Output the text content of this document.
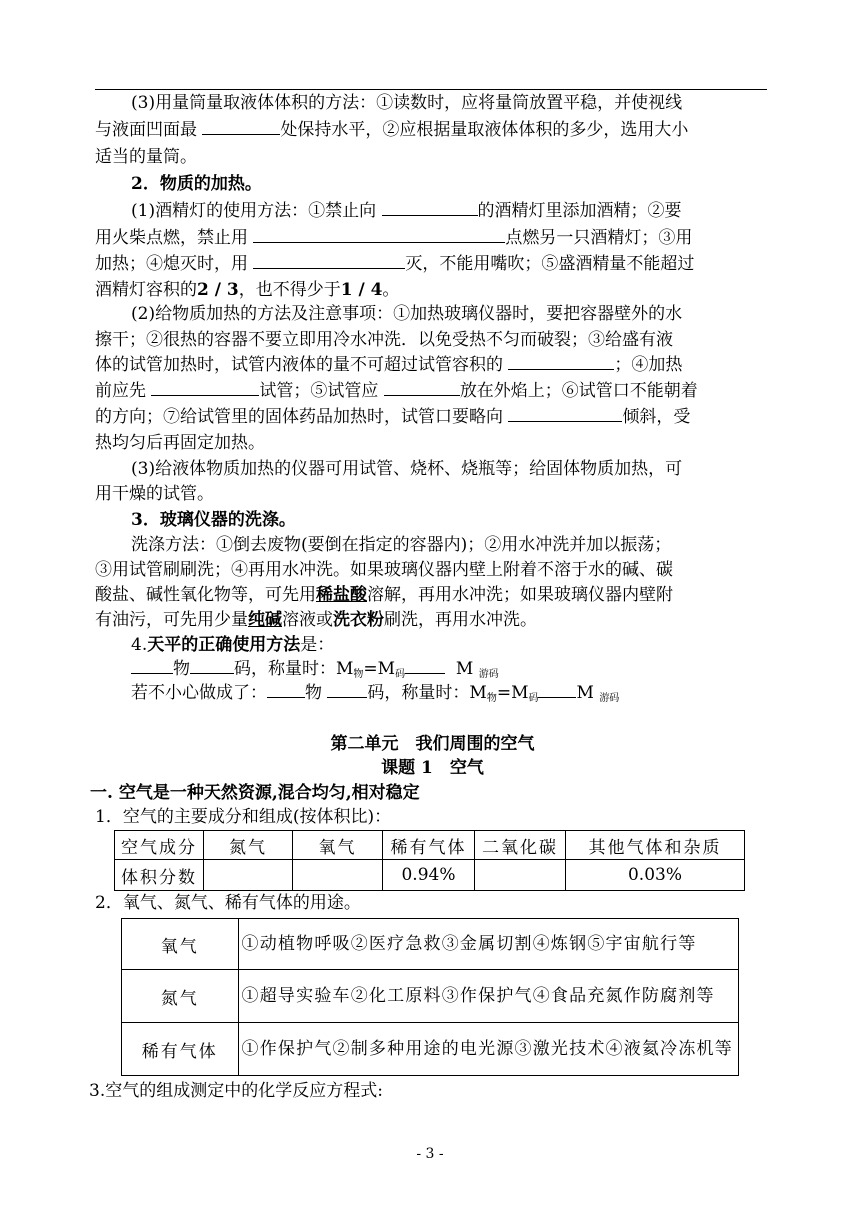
(3)用量筒量取液体体积的方法：①读数时，应将量筒放置平稳，并使视线
与液面凹面最	处保持水平，②应根据量取液体体积的多少，选用大小
适当的量筒。
2．物质的加热。
(1)酒精灯的使用方法：①禁止向	的酒精灯里添加酒精；②要
用火柴点燃，禁止用	点燃另一只酒精灯；③用
加热；④熄灭时，用	灭，不能用嘴吹；⑤盛酒精量不能超过
酒精灯容积的2 / 3，也不得少于1 / 4。
(2)给物质加热的方法及注意事项：①加热玻璃仪器时，要把容器壁外的水
擦干；②很热的容器不要立即用冷水冲洗．以免受热不匀而破裂；③给盛有液
体的试管加热时，试管内液体的量不可超过试管容积的	；④加热
前应先	试管；⑤试管应	放在外焰上；⑥试管口不能朝着
的方向；⑦给试管里的固体药品加热时，试管口要略向	倾斜，受
热均匀后再固定加热。
(3)给液体物质加热的仪器可用试管、烧杯、烧瓶等；给固体物质加热，可
用干燥的试管。
3．玻璃仪器的洗涤。
洗涤方法：①倒去废物(要倒在指定的容器内)；②用水冲洗并加以振荡；
③用试管刷刷洗；④再用水冲洗。如果玻璃仪器内壁上附着不溶于水的碱、碳
酸盐、碱性氧化物等，可先用稀盐酸溶解，再用水冲洗；如果玻璃仪器内壁附
有油污，可先用少量纯碱溶液或洗衣粉刷洗，再用水冲洗。
4.天平的正确使用方法是：
物	码，称量时：$M_物=M_码$	M $_{游码}$
若不小心做成了： 物	码，称量时：$M_物=M_码$ M $_{游码}$
第二单元　我们周围的空气
课题 1　空气
一. 空气是一种天然资源,混合均匀,相对稳定
1．空气的主要成分和组成(按体积比)：
空气成分	氮气	氧气	稀有气体	二氧化碳	其他气体和杂质
体积分数			0.94%		0.03%
2．氧气、氮气、稀有气体的用途。
氧气	①动植物呼吸②医疗急救③金属切割④炼钢⑤宇宙航行等
氮气	①超导实验车②化工原料③作保护气④食品充氮作防腐剂等
稀有气体	①作保护气②制多种用途的电光源③激光技术④液氦冷冻机等
3.空气的组成测定中的化学反应方程式:
- 3 -
